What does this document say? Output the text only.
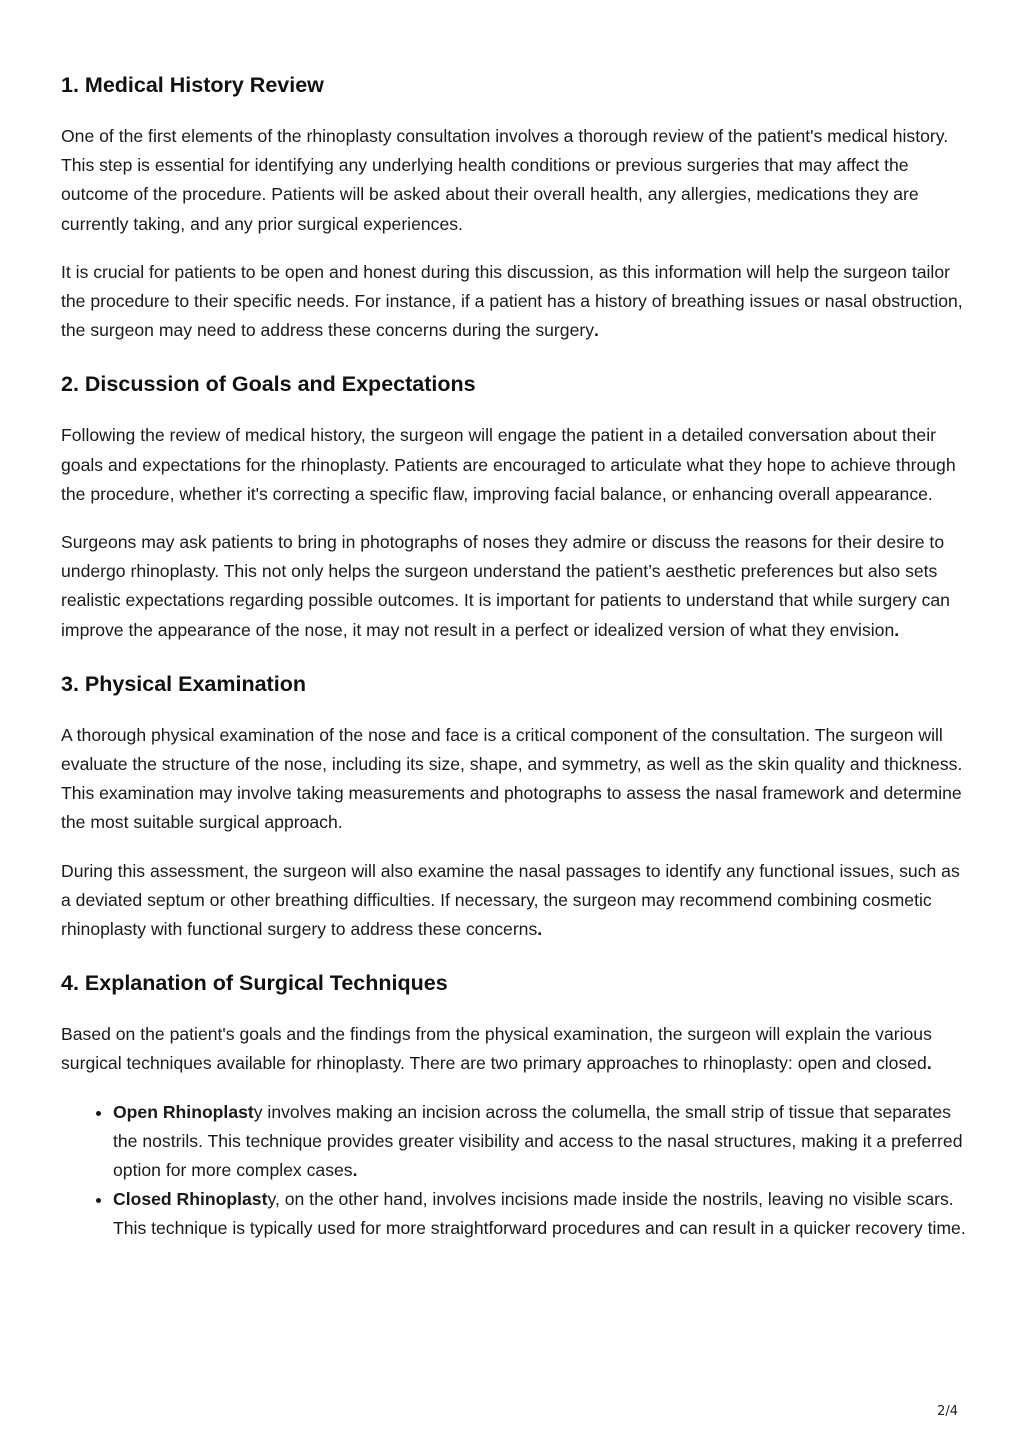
1. Medical History Review

One of the first elements of the rhinoplasty consultation involves a thorough review of the patient's medical history. This step is essential for identifying any underlying health conditions or previous surgeries that may affect the outcome of the procedure. Patients will be asked about their overall health, any allergies, medications they are currently taking, and any prior surgical experiences.

It is crucial for patients to be open and honest during this discussion, as this information will help the surgeon tailor the procedure to their specific needs. For instance, if a patient has a history of breathing issues or nasal obstruction, the surgeon may need to address these concerns during the surgery.

2. Discussion of Goals and Expectations

Following the review of medical history, the surgeon will engage the patient in a detailed conversation about their goals and expectations for the rhinoplasty. Patients are encouraged to articulate what they hope to achieve through the procedure, whether it's correcting a specific flaw, improving facial balance, or enhancing overall appearance.

Surgeons may ask patients to bring in photographs of noses they admire or discuss the reasons for their desire to undergo rhinoplasty. This not only helps the surgeon understand the patient’s aesthetic preferences but also sets realistic expectations regarding possible outcomes. It is important for patients to understand that while surgery can improve the appearance of the nose, it may not result in a perfect or idealized version of what they envision.

3. Physical Examination

A thorough physical examination of the nose and face is a critical component of the consultation. The surgeon will evaluate the structure of the nose, including its size, shape, and symmetry, as well as the skin quality and thickness. This examination may involve taking measurements and photographs to assess the nasal framework and determine the most suitable surgical approach.

During this assessment, the surgeon will also examine the nasal passages to identify any functional issues, such as a deviated septum or other breathing difficulties. If necessary, the surgeon may recommend combining cosmetic rhinoplasty with functional surgery to address these concerns.

4. Explanation of Surgical Techniques

Based on the patient's goals and the findings from the physical examination, the surgeon will explain the various surgical techniques available for rhinoplasty. There are two primary approaches to rhinoplasty: open and closed.

• Open Rhinoplasty involves making an incision across the columella, the small strip of tissue that separates the nostrils. This technique provides greater visibility and access to the nasal structures, making it a preferred option for more complex cases.
• Closed Rhinoplasty, on the other hand, involves incisions made inside the nostrils, leaving no visible scars. This technique is typically used for more straightforward procedures and can result in a quicker recovery time.
2/4
